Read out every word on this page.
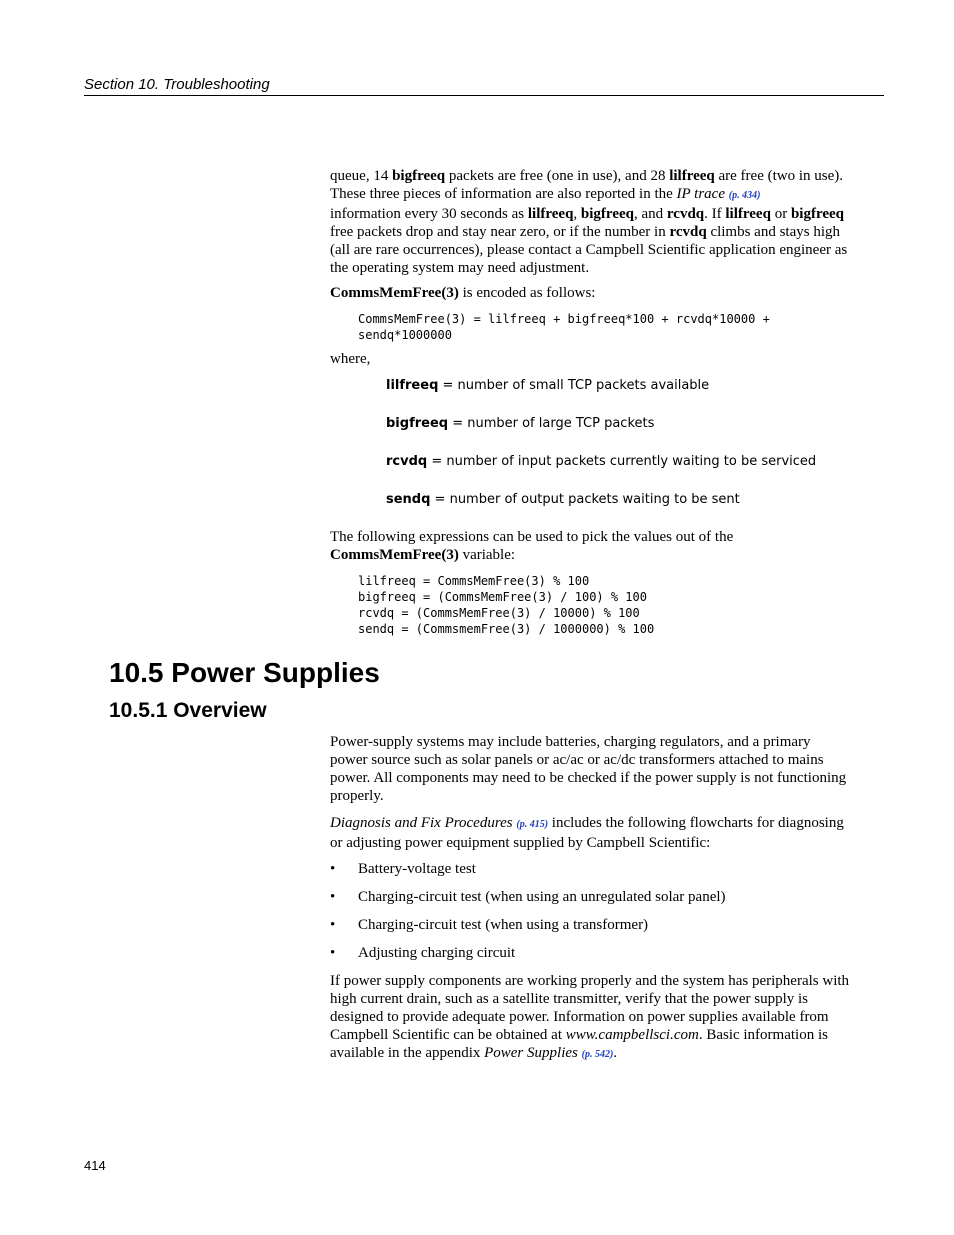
Section 10. Troubleshooting

queue, 14 bigfreeq packets are free (one in use), and 28 lilfreeq are free (two in use). These three pieces of information are also reported in the IP trace (p. 434)
information every 30 seconds as lilfreeq, bigfreeq, and rcvdq. If lilfreeq or bigfreeq free packets drop and stay near zero, or if the number in rcvdq climbs and stays high (all are rare occurrences), please contact a Campbell Scientific application engineer as the operating system may need adjustment.

CommsMemFree(3) is encoded as follows:

CommsMemFree(3) = lilfreeq + bigfreeq*100 + rcvdq*10000 +
sendq*1000000

where,

lilfreeq = number of small TCP packets available
bigfreeq = number of large TCP packets
rcvdq = number of input packets currently waiting to be serviced
sendq = number of output packets waiting to be sent

The following expressions can be used to pick the values out of the
CommsMemFree(3) variable:

lilfreeq = CommsMemFree(3) % 100
bigfreeq = (CommsMemFree(3) / 100) % 100
rcvdq = (CommsMemFree(3) / 10000) % 100
sendq = (CommsmemFree(3) / 1000000) % 100
10.5 Power Supplies
10.5.1 Overview

Power-supply systems may include batteries, charging regulators, and a primary power source such as solar panels or ac/ac or ac/dc transformers attached to mains power. All components may need to be checked if the power supply is not functioning properly.

Diagnosis and Fix Procedures (p. 415) includes the following flowcharts for diagnosing or adjusting power equipment supplied by Campbell Scientific:

• Battery-voltage test
• Charging-circuit test (when using an unregulated solar panel)
• Charging-circuit test (when using a transformer)
• Adjusting charging circuit

If power supply components are working properly and the system has peripherals with high current drain, such as a satellite transmitter, verify that the power supply is designed to provide adequate power. Information on power supplies available from Campbell Scientific can be obtained at www.campbellsci.com. Basic information is available in the appendix Power Supplies (p. 542).

414
